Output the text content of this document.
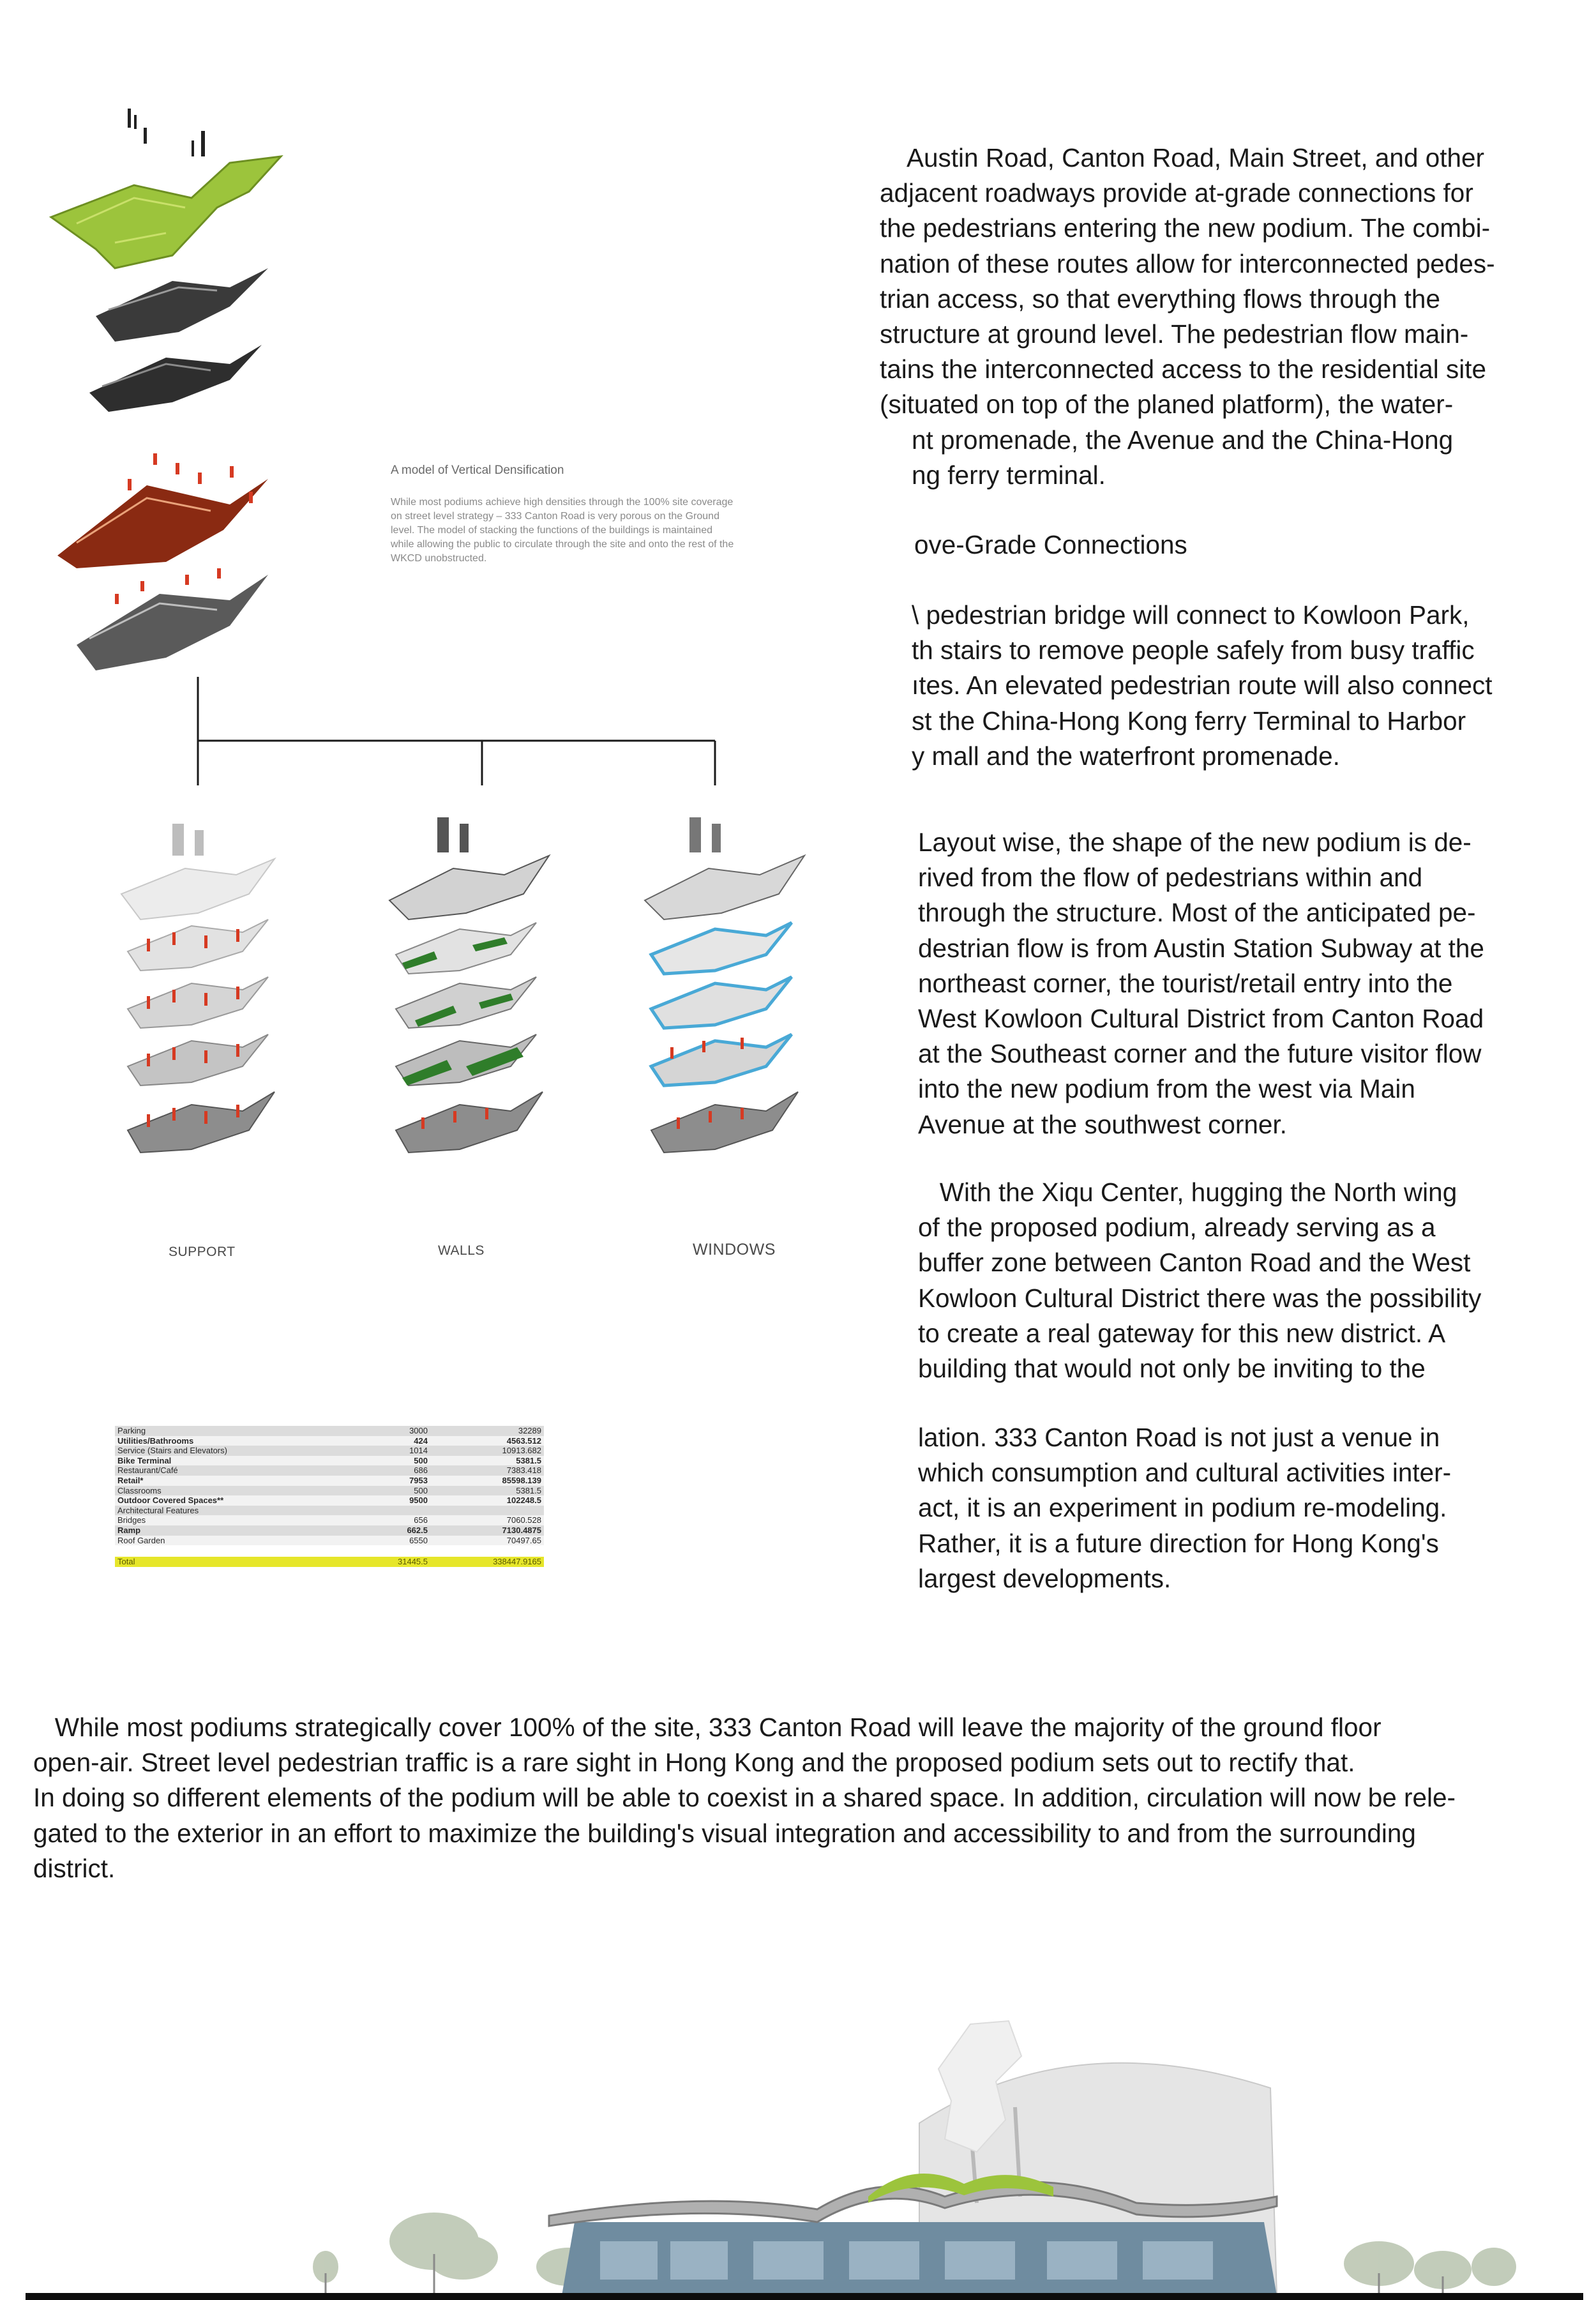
A model of Vertical Densification
While most podiums achieve high densities through the 100% site coverage on street level strategy – 333 Canton Road is very porous on the Ground level. The model of stacking the functions of the buildings is maintained while allowing the public to circulate through the site and onto the rest of the WKCD unobstructed.
SUPPORT	WALLS	WINDOWS

Austin Road, Canton Road, Main Street, and other

adjacent roadways provide at-grade connections for

the pedestrians entering the new podium. The combi-

nation of these routes allow for interconnected pedes-

trian access, so that everything flows through the

structure at ground level. The pedestrian flow main-

tains the interconnected access to the residential site

(situated on top of the planed platform), the water-

nt promenade, the Avenue and the China-Hong

ng ferry terminal.

ove-Grade Connections

\ pedestrian bridge will connect to Kowloon Park,

th stairs to remove people safely from busy traffic

ıtes. An elevated pedestrian route will also connect

st the China-Hong Kong ferry Terminal to Harbor

y mall and the waterfront promenade.

Layout wise, the shape of the new podium is de-

rived from the flow of pedestrians within and

through the structure. Most of the anticipated pe-

destrian flow is from Austin Station Subway at the

northeast corner, the tourist/retail entry into the

West Kowloon Cultural District from Canton Road

at the Southeast corner and the future visitor flow

into the new podium from the west via Main

Avenue at the southwest corner.

With the Xiqu Center, hugging the North wing

of the proposed podium, already serving as a

buffer zone between Canton Road and the West

Kowloon Cultural District there was the possibility

to create a real gateway for this new district. A

building that would not only be inviting to the

lation. 333 Canton Road is not just a venue in

which consumption and cultural activities inter-

act, it is an experiment in podium re-modeling.

Rather, it is a future direction for Hong Kong's

largest developments.

Parking	3000	32289
Utilities/Bathrooms	424	4563.512
Service (Stairs and Elevators)	1014	10913.682
Bike Terminal	500	5381.5
Restaurant/Café	686	7383.418
Retail*	7953	85598.139
Classrooms	500	5381.5
Outdoor Covered Spaces**	9500	102248.5
Architectural Features		
Bridges	656	7060.528
Ramp	662.5	7130.4875
Roof Garden	6550	70497.65

Total	31445.5	338447.9165

While most podiums strategically cover 100% of the site, 333 Canton Road will leave the majority of the ground floor

open-air. Street level pedestrian traffic is a rare sight in Hong Kong and the proposed podium sets out to rectify that.

In doing so different elements of the podium will be able to coexist in a shared space. In addition, circulation will now be rele-

gated to the exterior in an effort to maximize the building's visual integration and accessibility to and from the surrounding

district.
